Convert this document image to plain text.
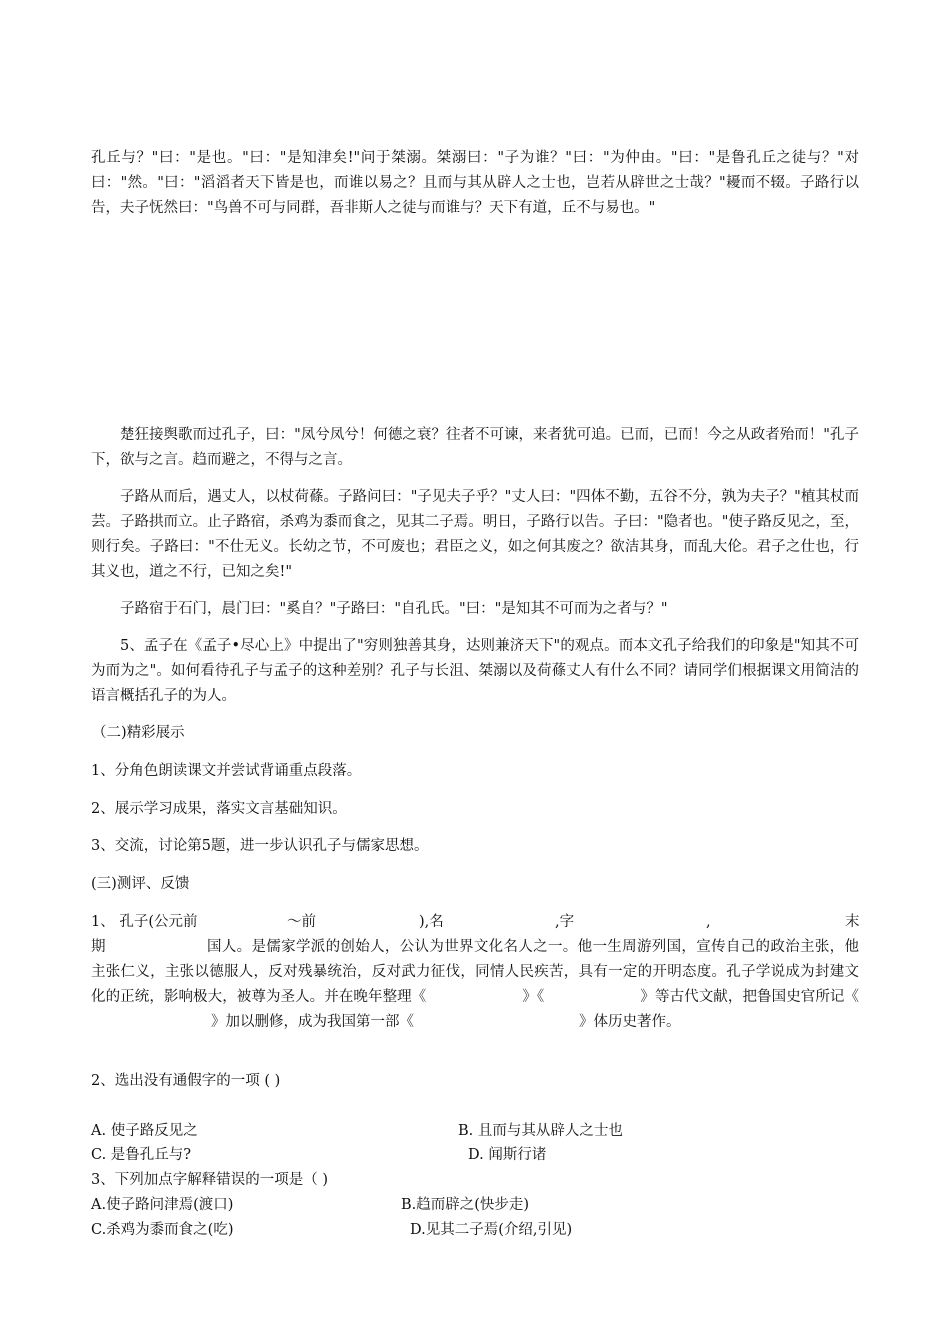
孔丘与？"曰："是也。"曰："是知津矣!"问于桀溺。桀溺曰："子为谁？"曰："为仲由。"曰："是鲁孔丘之徒与？"对曰："然。"曰："滔滔者天下皆是也，而谁以易之？且而与其从辟人之士也，岂若从辟世之士哉？"耰而不辍。子路行以告，夫子怃然曰："鸟兽不可与同群，吾非斯人之徒与而谁与？天下有道，丘不与易也。"

楚狂接舆歌而过孔子，曰："凤兮凤兮！何德之衰？往者不可谏，来者犹可追。已而，已而！今之从政者殆而！"孔子下，欲与之言。趋而避之，不得与之言。

子路从而后，遇丈人，以杖荷蓧。子路问曰："子见夫子乎？"丈人曰："四体不勤，五谷不分，孰为夫子？"植其杖而芸。子路拱而立。止子路宿，杀鸡为黍而食之，见其二子焉。明日，子路行以告。子曰："隐者也。"使子路反见之，至，则行矣。子路曰："不仕无义。长幼之节，不可废也；君臣之义，如之何其废之？欲洁其身，而乱大伦。君子之仕也，行其义也，道之不行，已知之矣!"

子路宿于石门，晨门曰："奚自？"子路曰："自孔氏。"曰："是知其不可而为之者与？"

5、孟子在《孟子•尽心上》中提出了"穷则独善其身，达则兼济天下"的观点。而本文孔子给我们的印象是"知其不可为而为之"。如何看待孔子与孟子的这种差别？孔子与长沮、桀溺以及荷蓧丈人有什么不同？请同学们根据课文用简洁的语言概括孔子的为人。

（二)精彩展示
1、分角色朗读课文并尝试背诵重点段落。
2、展示学习成果，落实文言基础知识。
3、交流，讨论第5题，进一步认识孔子与儒家思想。
(三)测评、反馈
1、 孔子(公元前	～前	),名	,字	,	末
期	国人。是儒家学派的创始人，公认为世界文化名人之一。他一生周游列国，宣传自己的政治主张，他主张仁义，主张以德服人，反对残暴统治，反对武力征伐，同情人民疾苦，具有一定的开明态度。孔子学说成为封建文化的正统，影响极大，被尊为圣人。并在晚年整理《	》《	》等古代文献，把鲁国史官所记《》加以删修，成为我国第一部《	》体历史著作。

2、选出没有通假字的一项 ( )
A. 使子路反见之	B. 且而与其从辟人之士也
C. 是鲁孔丘与?	D. 闻斯行诸
3、下列加点字解释错误的一项是（ )
A.使子路问津焉(渡口)	B.趋而辟之(快步走)
C.杀鸡为黍而食之(吃)	D.见其二子焉(介绍,引见)
